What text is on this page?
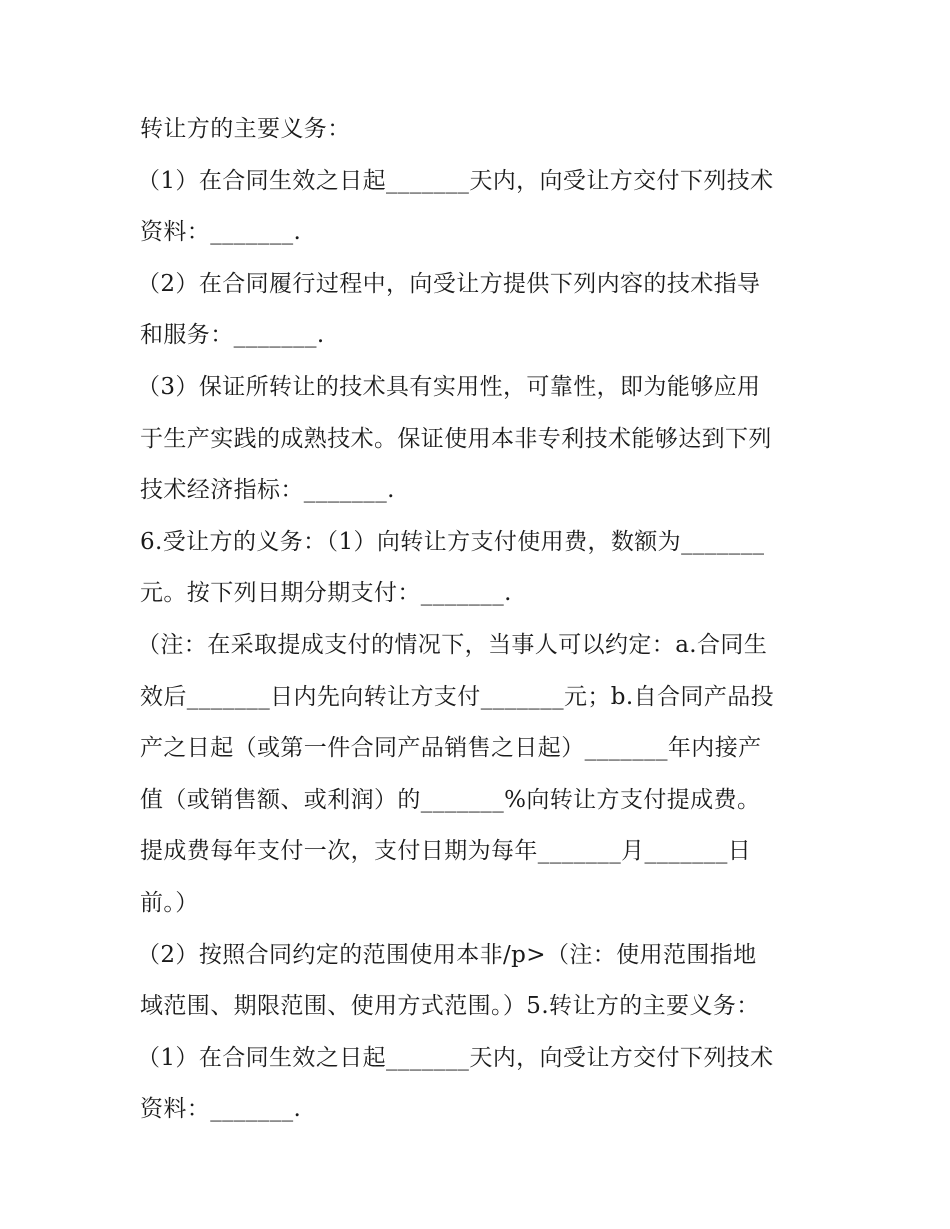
转让方的主要义务：
（1）在合同生效之日起_______天内，向受让方交付下列技术
资料：_______.
（2）在合同履行过程中，向受让方提供下列内容的技术指导
和服务：_______.
（3）保证所转让的技术具有实用性，可靠性，即为能够应用
于生产实践的成熟技术。保证使用本非专利技术能够达到下列
技术经济指标：_______.
6.受让方的义务：（1）向转让方支付使用费，数额为_______
元。按下列日期分期支付：_______.
（注：在采取提成支付的情况下，当事人可以约定：a.合同生
效后_______日内先向转让方支付_______元；b.自合同产品投
产之日起（或第一件合同产品销售之日起）_______年内接产
值（或销售额、或利润）的_______%向转让方支付提成费。
提成费每年支付一次，支付日期为每年_______月_______日
前。）
（2）按照合同约定的范围使用本非/p>（注：使用范围指地
域范围、期限范围、使用方式范围。）5.转让方的主要义务：
（1）在合同生效之日起_______天内，向受让方交付下列技术
资料：_______.
